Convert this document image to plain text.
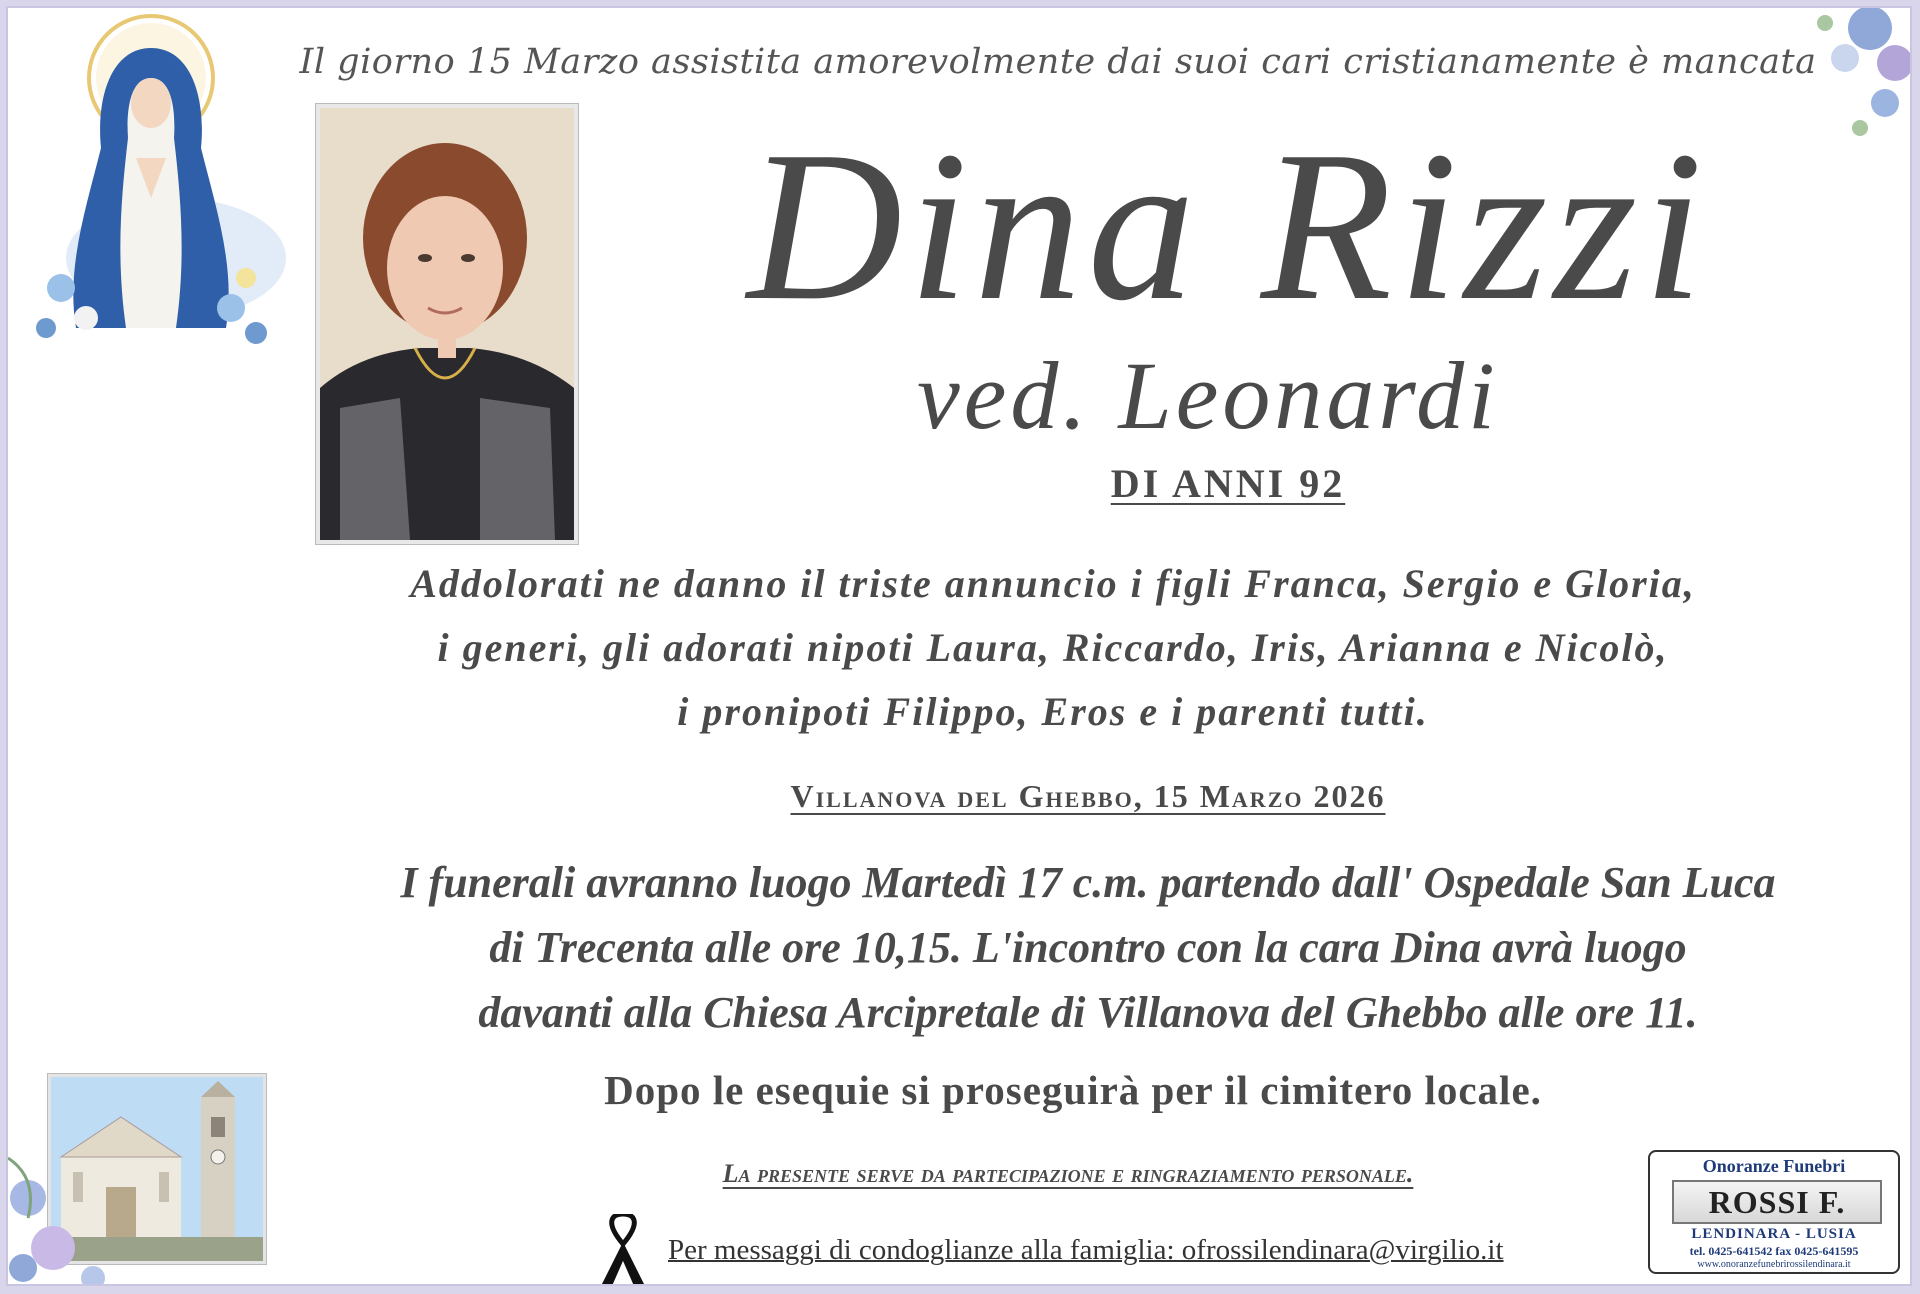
Il giorno 15 Marzo assistita amorevolmente dai suoi cari cristianamente è mancata
Dina Rizzi
ved. Leonardi
DI ANNI 92
Addolorati ne danno il triste annuncio i figli Franca, Sergio e Gloria,
i generi, gli adorati nipoti Laura, Riccardo, Iris, Arianna e Nicolò,
i pronipoti Filippo, Eros e i parenti tutti.
Villanova del Ghebbo, 15 Marzo 2026
I funerali avranno luogo Martedì 17 c.m. partendo dall' Ospedale San Luca
di Trecenta alle ore 10,15. L'incontro con la cara Dina avrà luogo
davanti alla Chiesa Arcipretale di Villanova del Ghebbo alle ore 11.
Dopo le esequie si proseguirà per il cimitero locale.
La presente serve da partecipazione e ringraziamento personale.
Per messaggi di condoglianze alla famiglia: ofrossilendinara@virgilio.it
Onoranze Funebri
ROSSI F.
LENDINARA - LUSIA
tel. 0425-641542 fax 0425-641595
www.onoranzefunebrirossilendinara.it
